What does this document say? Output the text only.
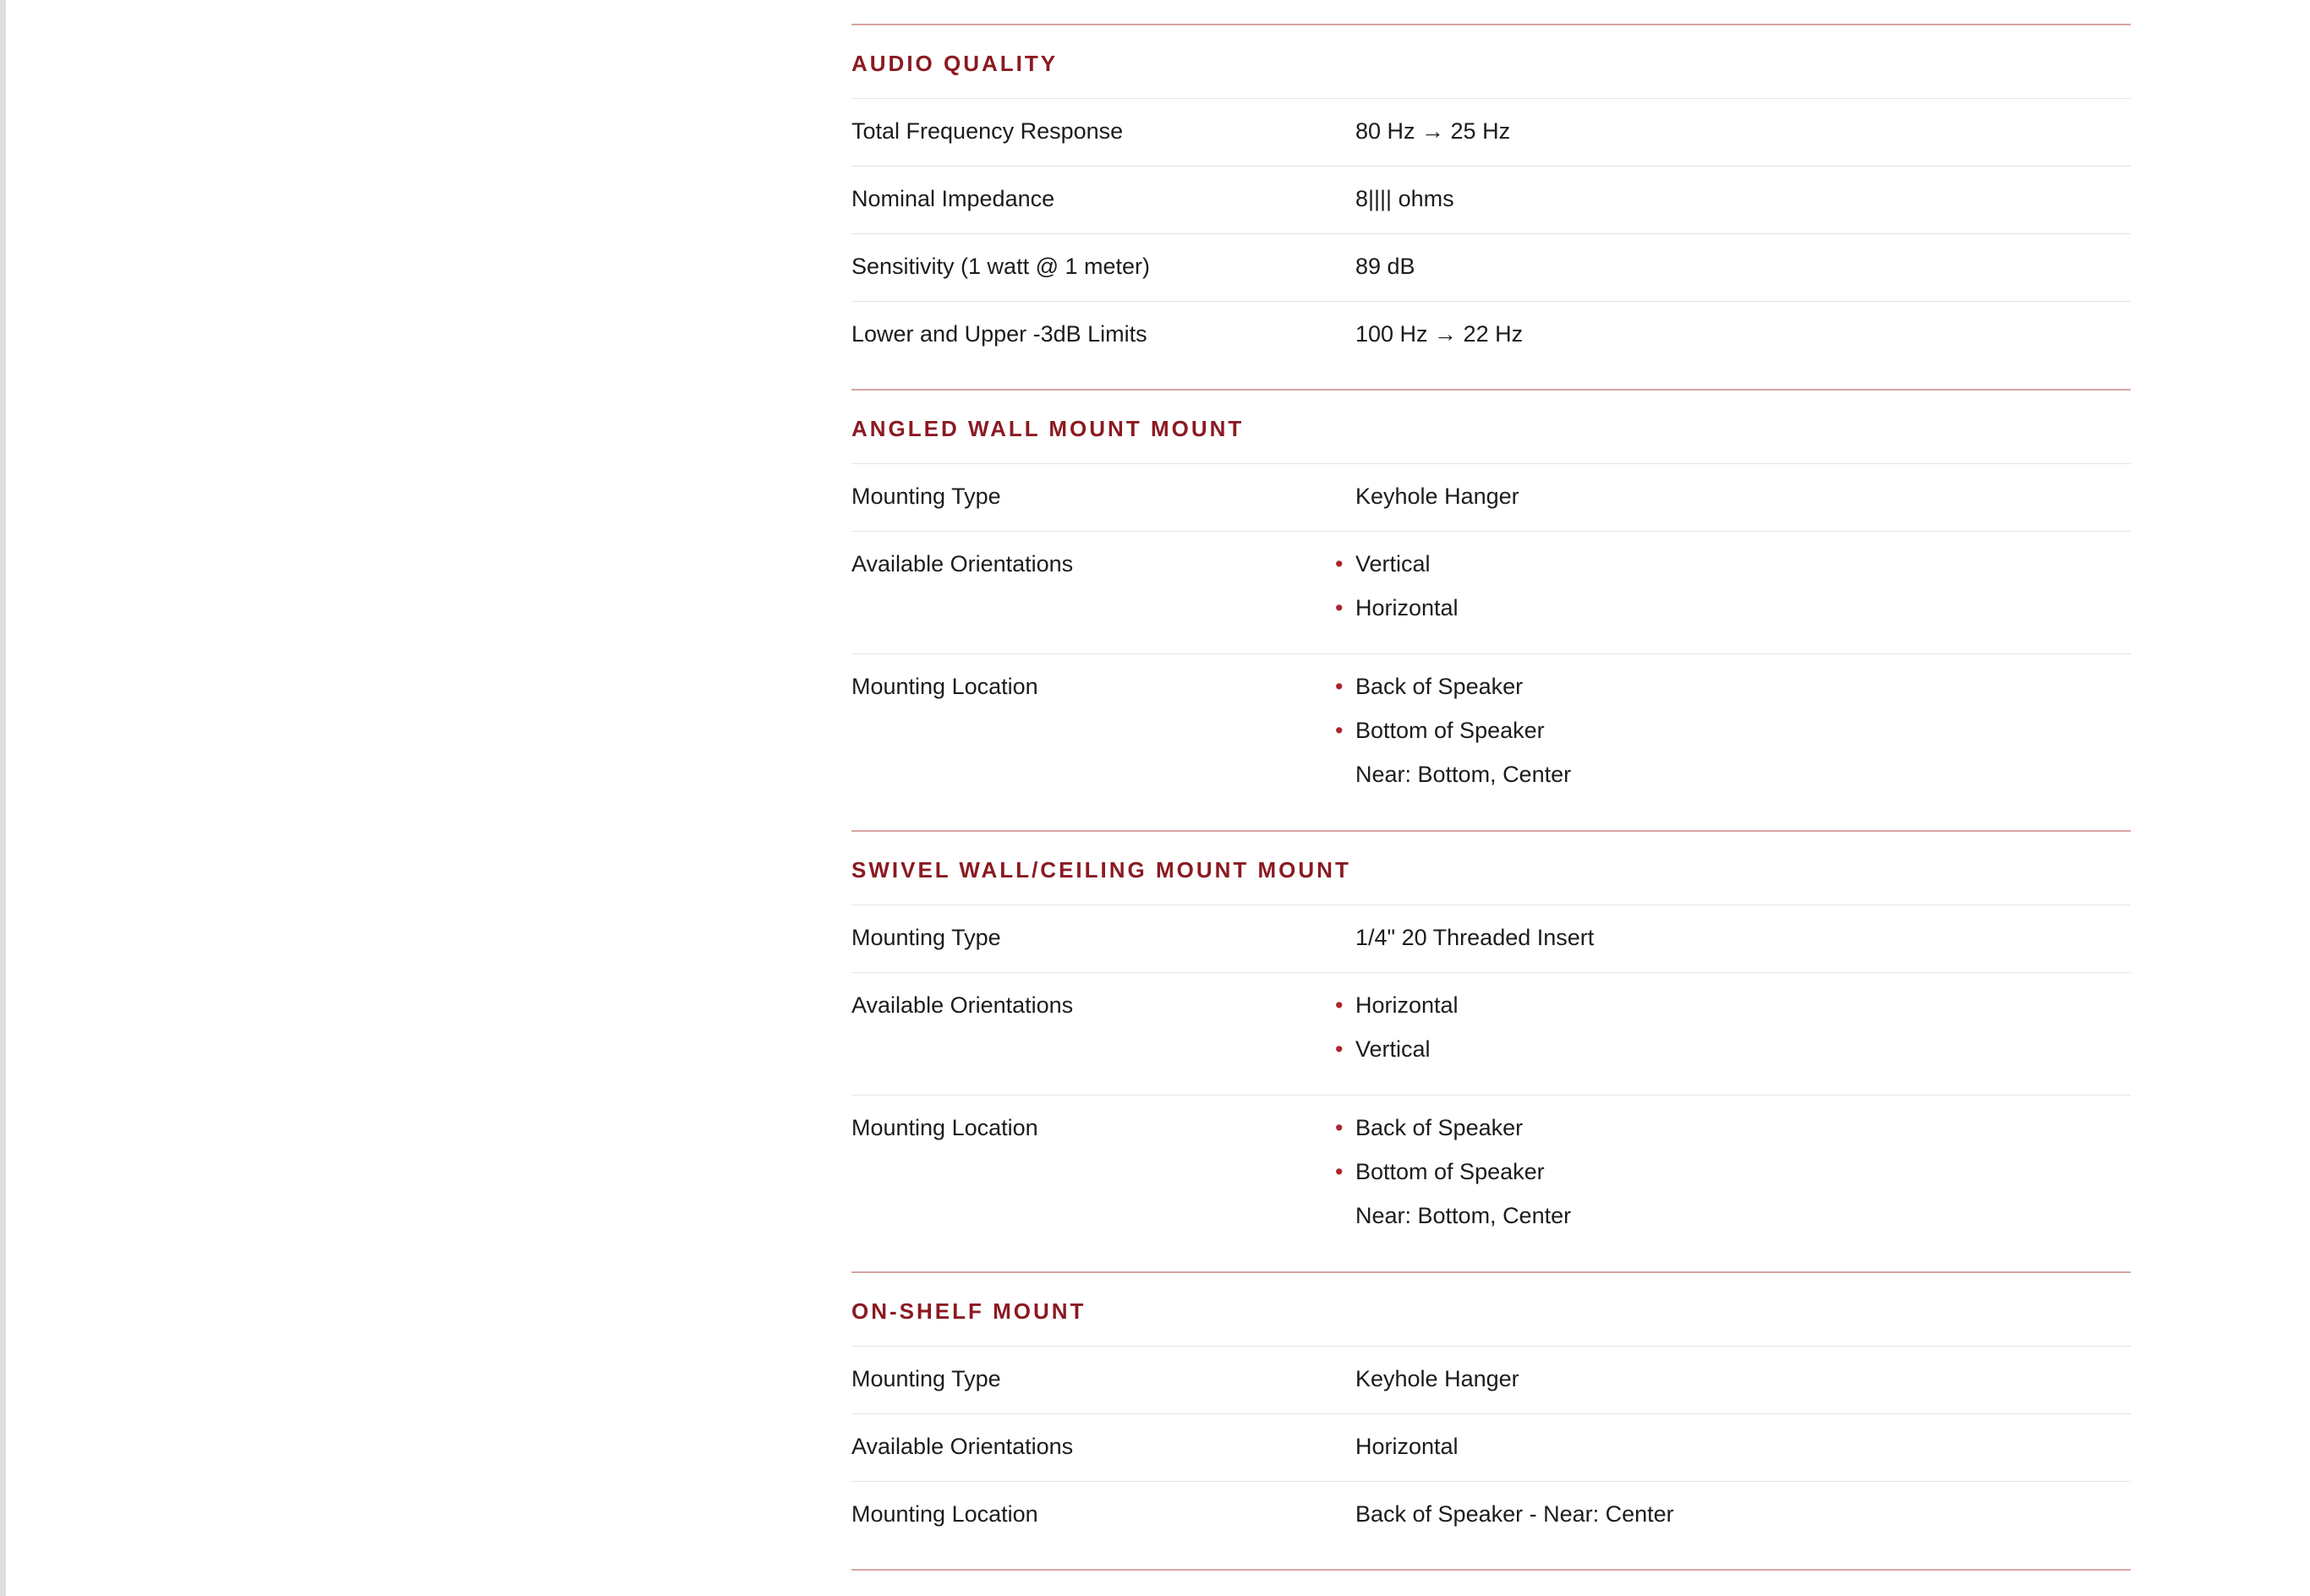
AUDIO QUALITY
Total Frequency Response	80 Hz → 25 Hz
Nominal Impedance	8|||| ohms
Sensitivity (1 watt @ 1 meter)	89 dB
Lower and Upper -3dB Limits	100 Hz → 22 Hz
ANGLED WALL MOUNT MOUNT
Mounting Type	Keyhole Hanger
Available Orientations	• Vertical
• Horizontal
Mounting Location	• Back of Speaker
• Bottom of Speaker
Near: Bottom, Center
SWIVEL WALL/CEILING MOUNT MOUNT
Mounting Type	1/4" 20 Threaded Insert
Available Orientations	• Horizontal
• Vertical
Mounting Location	• Back of Speaker
• Bottom of Speaker
Near: Bottom, Center
ON-SHELF MOUNT
Mounting Type	Keyhole Hanger
Available Orientations	Horizontal
Mounting Location	Back of Speaker - Near: Center
